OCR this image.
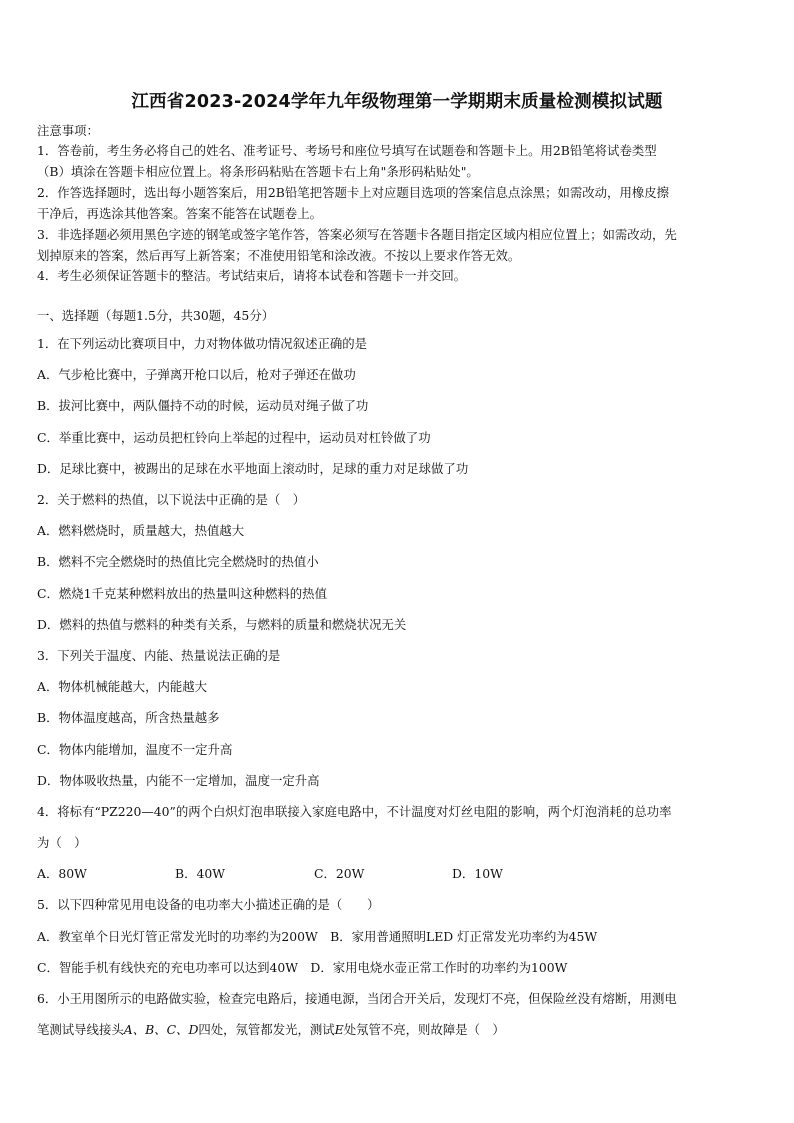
江西省2023-2024学年九年级物理第一学期期末质量检测模拟试题
注意事项：
1．答卷前，考生务必将自己的姓名、准考证号、考场号和座位号填写在试题卷和答题卡上。用2B铅笔将试卷类型
（B）填涂在答题卡相应位置上。将条形码粘贴在答题卡右上角"条形码粘贴处"。
2．作答选择题时，选出每小题答案后，用2B铅笔把答题卡上对应题目选项的答案信息点涂黑；如需改动，用橡皮擦
干净后，再选涂其他答案。答案不能答在试题卷上。
3．非选择题必须用黑色字迹的钢笔或签字笔作答，答案必须写在答题卡各题目指定区域内相应位置上；如需改动，先
划掉原来的答案，然后再写上新答案；不准使用铅笔和涂改液。不按以上要求作答无效。
4．考生必须保证答题卡的整洁。考试结束后，请将本试卷和答题卡一并交回。
一、选择题（每题1.5分，共30题，45分）
1．在下列运动比赛项目中，力对物体做功情况叙述正确的是
A．气步枪比赛中，子弹离开枪口以后，枪对子弹还在做功
B．拔河比赛中，两队僵持不动的时候，运动员对绳子做了功
C．举重比赛中，运动员把杠铃向上举起的过程中，运动员对杠铃做了功
D．足球比赛中，被踢出的足球在水平地面上滚动时，足球的重力对足球做了功
2．关于燃料的热值，以下说法中正确的是（　）
A．燃料燃烧时，质量越大，热值越大
B．燃料不完全燃烧时的热值比完全燃烧时的热值小
C．燃烧1千克某种燃料放出的热量叫这种燃料的热值
D．燃料的热值与燃料的种类有关系，与燃料的质量和燃烧状况无关
3．下列关于温度、内能、热量说法正确的是
A．物体机械能越大，内能越大
B．物体温度越高，所含热量越多
C．物体内能增加，温度不一定升高
D．物体吸收热量，内能不一定增加，温度一定升高
4．将标有“PZ220—40”的两个白炽灯泡串联接入家庭电路中，不计温度对灯丝电阻的影响，两个灯泡消耗的总功率
为（　）
A．80W	B．40W	C．20W	D．10W
5．以下四种常见用电设备的电功率大小描述正确的是（　　）
A．教室单个日光灯管正常发光时的功率约为200W　B．家用普通照明LED 灯正常发光功率约为45W
C．智能手机有线快充的充电功率可以达到40W　D．家用电烧水壶正常工作时的功率约为100W
6．小王用图所示的电路做实验，检查完电路后，接通电源，当闭合开关后，发现灯不亮，但保险丝没有熔断，用测电
笔测试导线接头A、B、C、D四处，氖管都发光，测试E处氖管不亮，则故障是（　）
